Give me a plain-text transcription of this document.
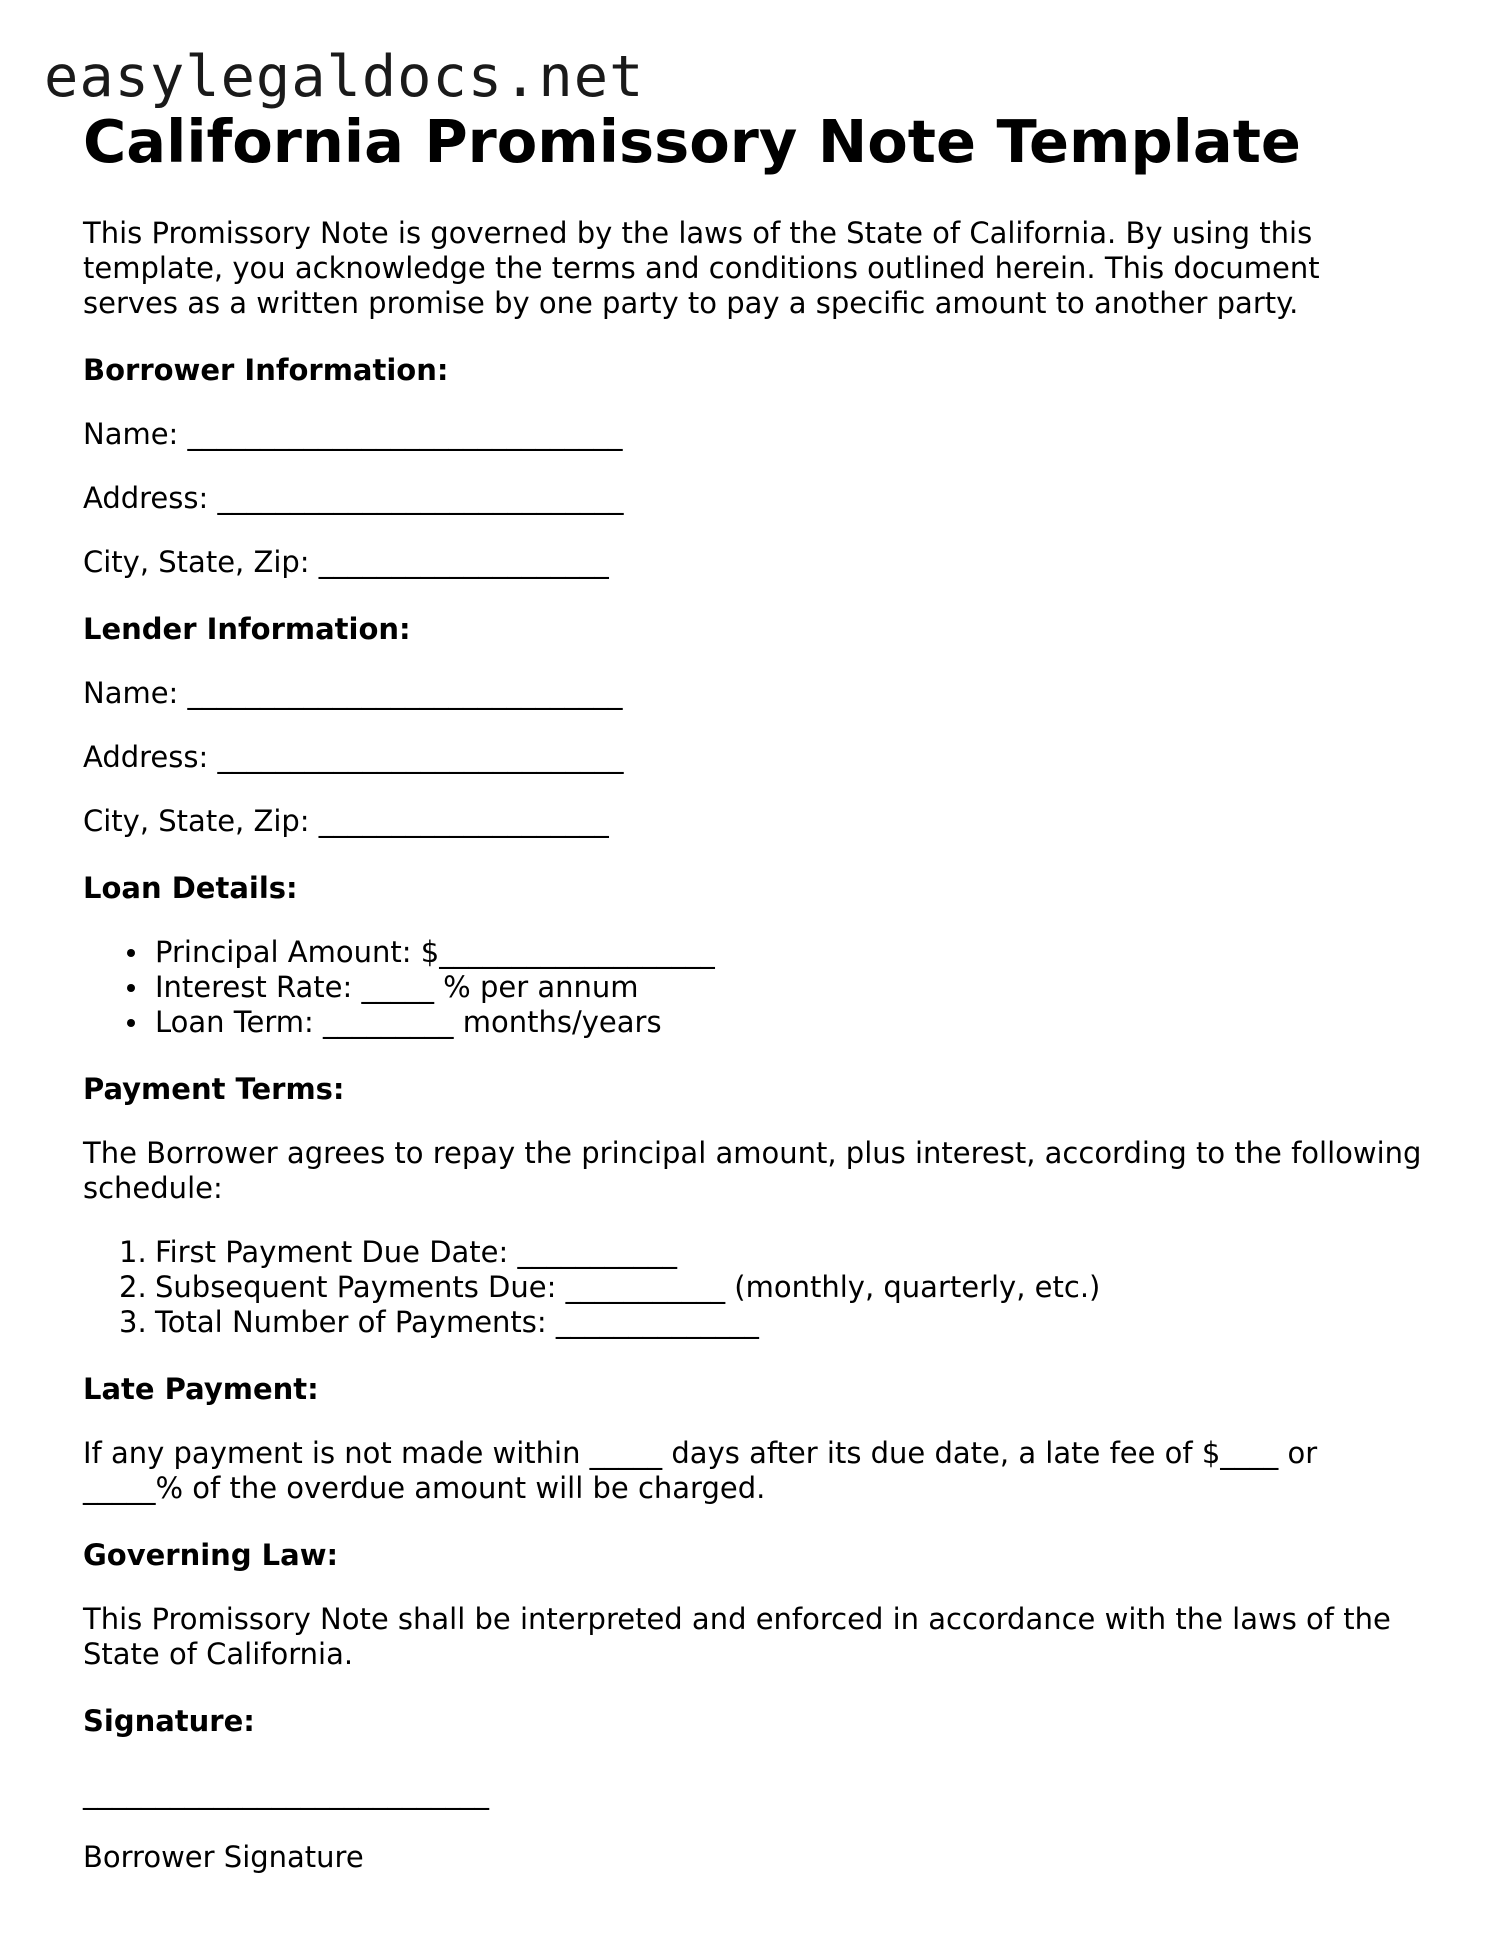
easylegaldocs.net
California Promissory Note Template

This Promissory Note is governed by the laws of the State of California. By using this template, you acknowledge the terms and conditions outlined herein. This document serves as a written promise by one party to pay a specific amount to another party.

Borrower Information:
Name: ______________________________
Address: ____________________________
City, State, Zip: ____________________
Lender Information:
Name: ______________________________
Address: ____________________________
City, State, Zip: ____________________
Loan Details:
Principal Amount: $___________________
Interest Rate: _____ % per annum
Loan Term: _________ months/years
Payment Terms:

The Borrower agrees to repay the principal amount, plus interest, according to the following schedule:

1. First Payment Due Date: ___________
2. Subsequent Payments Due: ___________ (monthly, quarterly, etc.)
3. Total Number of Payments: ______________
Late Payment:

If any payment is not made within _____ days after its due date, a late fee of $____ or _____% of the overdue amount will be charged.

Governing Law:

This Promissory Note shall be interpreted and enforced in accordance with the laws of the State of California.

Signature:
____________________________
Borrower Signature
